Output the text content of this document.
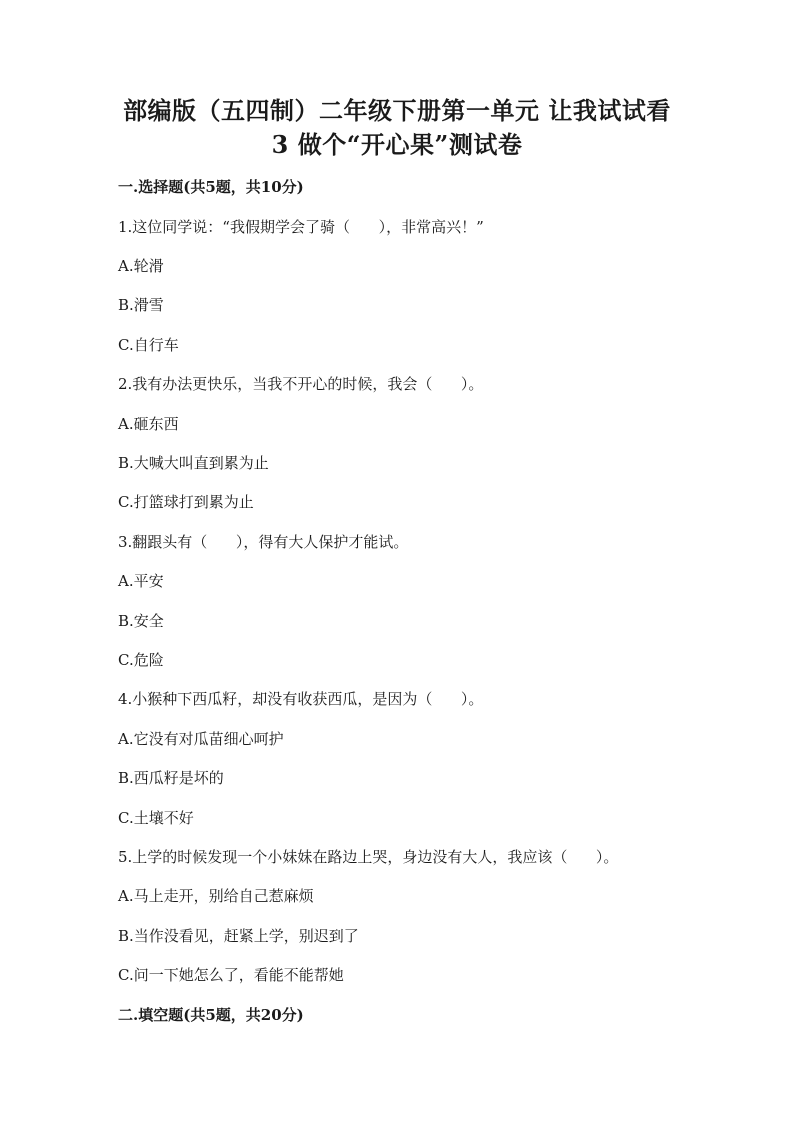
部编版（五四制）二年级下册第一单元 让我试试看
3 做个“开心果”测试卷
一.选择题(共5题，共10分)
1.这位同学说：“我假期学会了骑（      ），非常高兴！”
A.轮滑
B.滑雪
C.自行车
2.我有办法更快乐，当我不开心的时候，我会（      ）。
A.砸东西
B.大喊大叫直到累为止
C.打篮球打到累为止
3.翻跟头有（      ），得有大人保护才能试。
A.平安
B.安全
C.危险
4.小猴种下西瓜籽，却没有收获西瓜，是因为（      ）。
A.它没有对瓜苗细心呵护
B.西瓜籽是坏的
C.土壤不好
5.上学的时候发现一个小妹妹在路边上哭，身边没有大人，我应该（      ）。
A.马上走开，别给自己惹麻烦
B.当作没看见，赶紧上学，别迟到了
C.问一下她怎么了，看能不能帮她
二.填空题(共5题，共20分)
